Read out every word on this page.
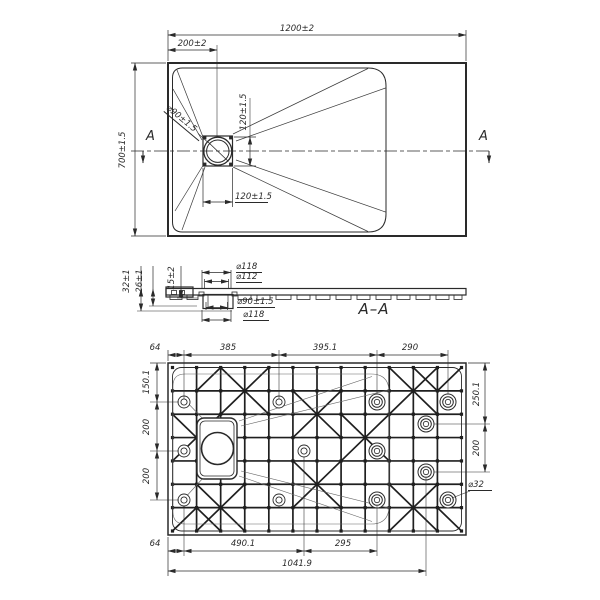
1200±2
200±2
700±1.5
⌀90±1.5	120±1.5
120±1.5
A	A
32±1 26±1	15±2	⌀118
⌀112
⌀90±1.5
⌀118	A–A
64	385	395.1	290
150.1
200
200
250.1
200
⌀32
64	490.1	295
1041.9
